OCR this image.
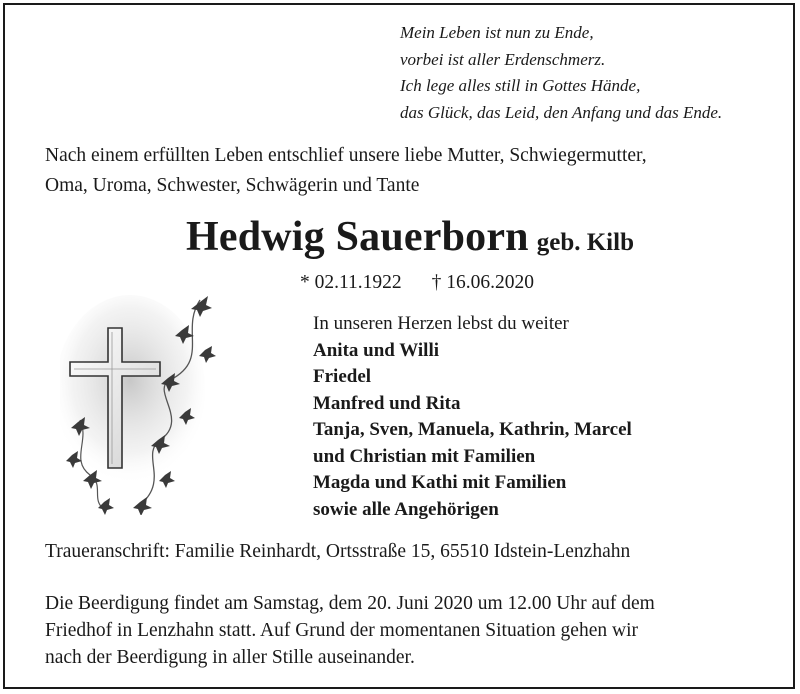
Mein Leben ist nun zu Ende,
vorbei ist aller Erdenschmerz.
Ich lege alles still in Gottes Hände,
das Glück, das Leid, den Anfang und das Ende.
Nach einem erfüllten Leben entschlief unsere liebe Mutter, Schwiegermutter,
Oma, Uroma, Schwester, Schwägerin und Tante
Hedwig Sauerborn geb. Kilb
* 02.11.1922 † 16.06.2020
In unseren Herzen lebst du weiter
Anita und Willi
Friedel
Manfred und Rita
Tanja, Sven, Manuela, Kathrin, Marcel
und Christian mit Familien
Magda und Kathi mit Familien
sowie alle Angehörigen
Traueranschrift: Familie Reinhardt, Ortsstraße 15, 65510 Idstein-Lenzhahn
Die Beerdigung findet am Samstag, dem 20. Juni 2020 um 12.00 Uhr auf dem
Friedhof in Lenzhahn statt. Auf Grund der momentanen Situation gehen wir
nach der Beerdigung in aller Stille auseinander.
